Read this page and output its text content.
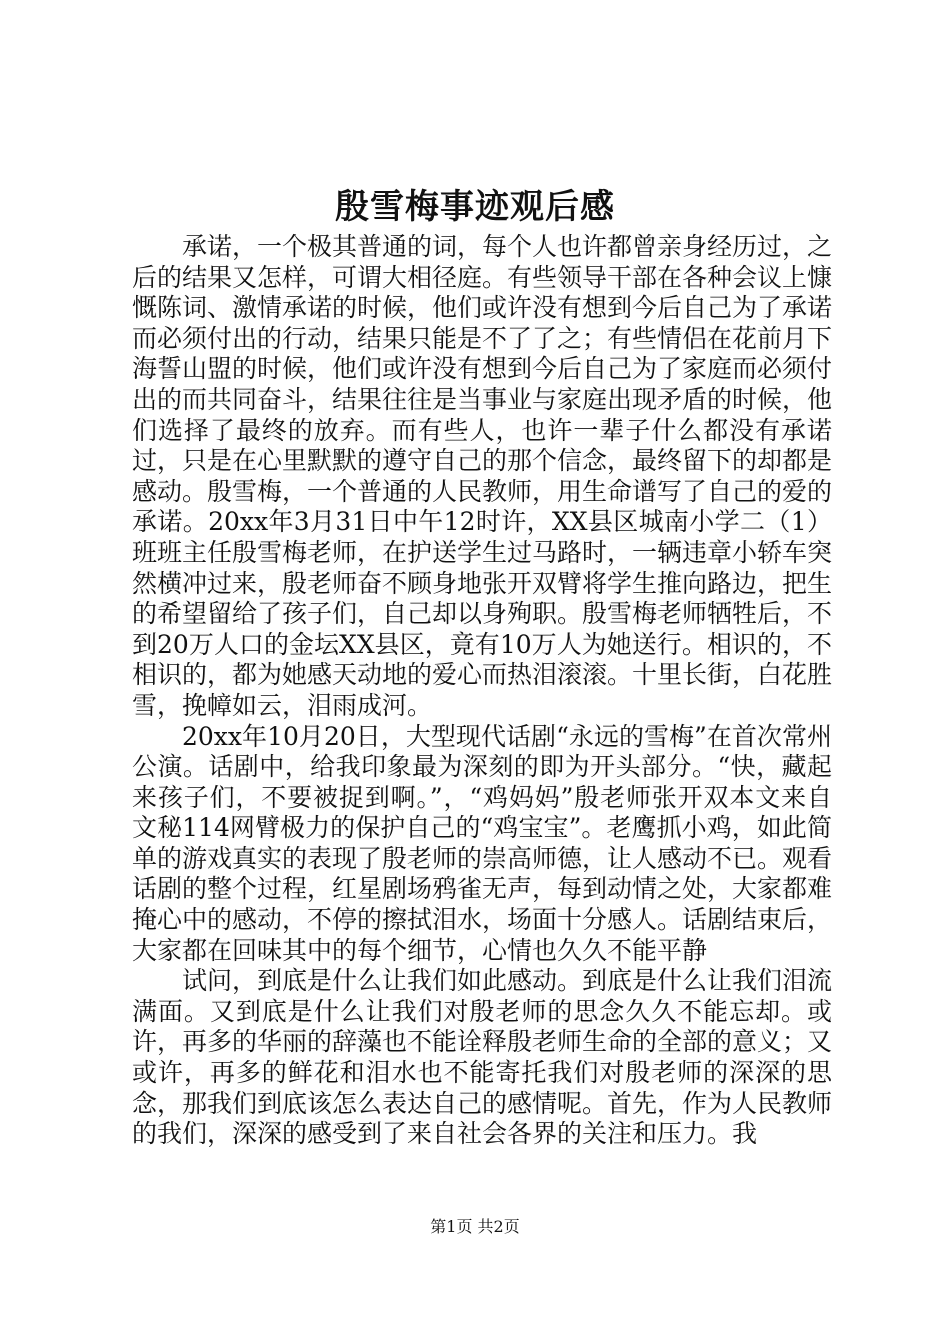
殷雪梅事迹观后感

承诺，一个极其普通的词，每个人也许都曾亲身经历过，之后的结果又怎样，可谓大相径庭。有些领导干部在各种会议上慷慨陈词、激情承诺的时候，他们或许没有想到今后自己为了承诺而必须付出的行动，结果只能是不了了之；有些情侣在花前月下海誓山盟的时候，他们或许没有想到今后自己为了家庭而必须付出的而共同奋斗，结果往往是当事业与家庭出现矛盾的时候，他们选择了最终的放弃。而有些人，也许一辈子什么都没有承诺过，只是在心里默默的遵守自己的那个信念，最终留下的却都是感动。殷雪梅，一个普通的人民教师，用生命谱写了自己的爱的承诺。20xx年3月31日中午12时许，XX县区城南小学二（1）班班主任殷雪梅老师，在护送学生过马路时，一辆违章小轿车突然横冲过来，殷老师奋不顾身地张开双臂将学生推向路边，把生的希望留给了孩子们，自己却以身殉职。殷雪梅老师牺牲后，不到20万人口的金坛XX县区，竟有10万人为她送行。相识的，不相识的，都为她感天动地的爱心而热泪滚滚。十里长街，白花胜雪，挽幛如云，泪雨成河。

20xx年10月20日，大型现代话剧“永远的雪梅”在首次常州公演。话剧中，给我印象最为深刻的即为开头部分。“快，藏起来孩子们，不要被捉到啊。”，“鸡妈妈”殷老师张开双本文来自文秘114网臂极力的保护自己的“鸡宝宝”。老鹰抓小鸡，如此简单的游戏真实的表现了殷老师的崇高师德，让人感动不已。观看话剧的整个过程，红星剧场鸦雀无声，每到动情之处，大家都难掩心中的感动，不停的擦拭泪水，场面十分感人。话剧结束后，大家都在回味其中的每个细节，心情也久久不能平静

试问，到底是什么让我们如此感动。到底是什么让我们泪流满面。又到底是什么让我们对殷老师的思念久久不能忘却。或许，再多的华丽的辞藻也不能诠释殷老师生命的全部的意义；又或许，再多的鲜花和泪水也不能寄托我们对殷老师的深深的思念，那我们到底该怎么表达自己的感情呢。首先，作为人民教师的我们，深深的感受到了来自社会各界的关注和压力。我

第1页 共2页
